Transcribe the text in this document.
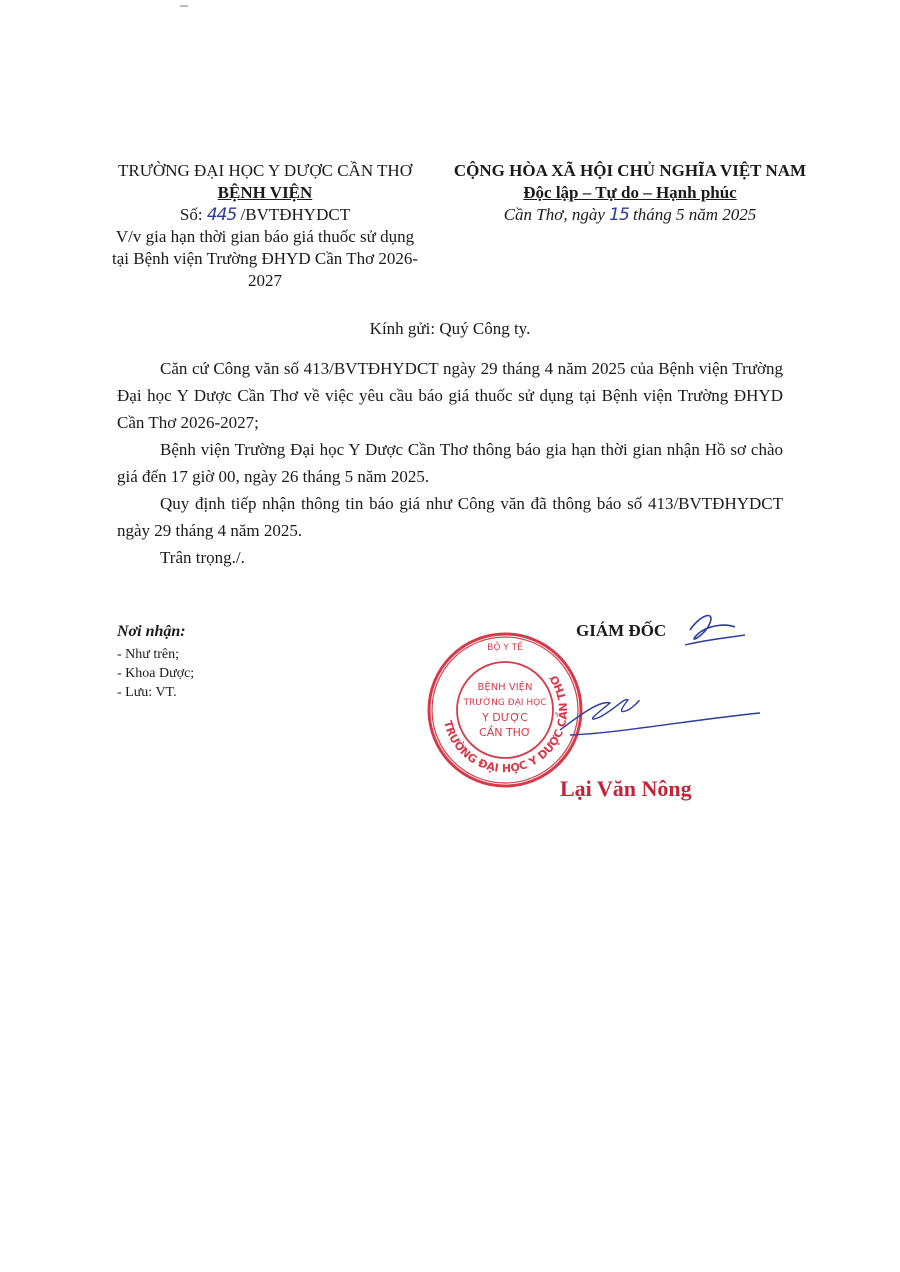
TRƯỜNG ĐẠI HỌC Y DƯỢC CẦN THƠ
BỆNH VIỆN
Số: 445 /BVTĐHYDCT
V/v gia hạn thời gian báo giá thuốc sử dụng
tại Bệnh viện Trường ĐHYD Cần Thơ 2026-
2027
CỘNG HÒA XÃ HỘI CHỦ NGHĨA VIỆT NAM
Độc lập – Tự do – Hạnh phúc
Cần Thơ, ngày 15 tháng 5 năm 2025
Kính gửi: Quý Công ty.

Căn cứ Công văn số 413/BVTĐHYDCT ngày 29 tháng 4 năm 2025 của Bệnh viện Trường Đại học Y Dược Cần Thơ về việc yêu cầu báo giá thuốc sử dụng tại Bệnh viện Trường ĐHYD Cần Thơ 2026-2027;

Bệnh viện Trường Đại học Y Dược Cần Thơ thông báo gia hạn thời gian nhận Hồ sơ chào giá đến 17 giờ 00, ngày 26 tháng 5 năm 2025.

Quy định tiếp nhận thông tin báo giá như Công văn đã thông báo số 413/BVTĐHYDCT ngày 29 tháng 4 năm 2025.

Trân trọng./.

Nơi nhận:
- Như trên;
- Khoa Dược;
- Lưu: VT.
TRƯỜNG ĐẠI HỌC Y DƯỢC CẦN THƠ
BỘ Y TẾ
BỆNH VIỆN
TRƯỜNG ĐẠI HỌC
Y DƯỢC
CẦN THƠ
GIÁM ĐỐC
Lại Văn Nông
